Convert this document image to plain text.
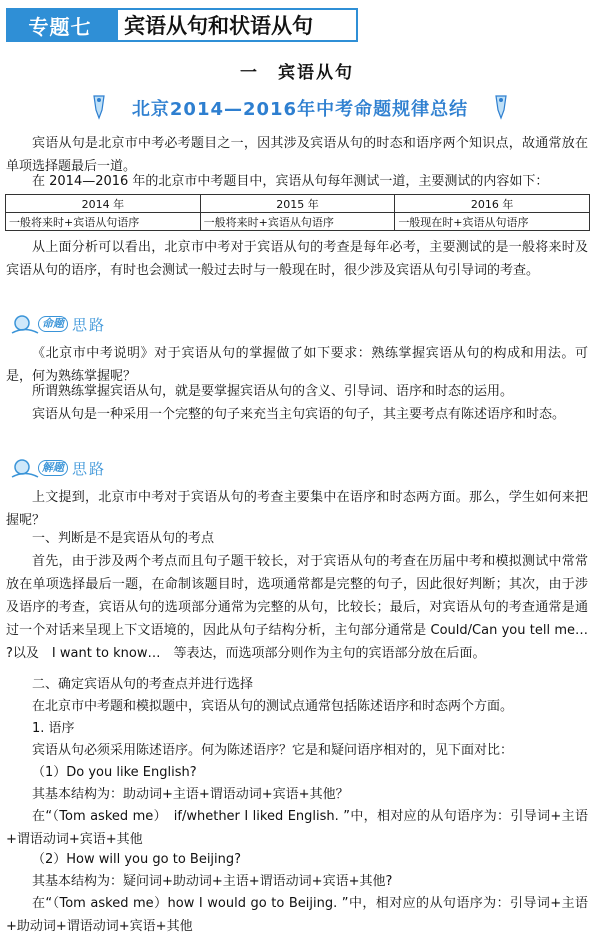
专题七	宾语从句和状语从句
一　宾语从句
北京2014—2016年中考命题规律总结

宾语从句是北京市中考必考题目之一，因其涉及宾语从句的时态和语序两个知识点，故通常放在单项选择题最后一道。

在 2014—2016 年的北京市中考题目中，宾语从句每年测试一道，主要测试的内容如下：

2014 年	2015 年	2016 年
一般将来时+宾语从句语序	一般将来时+宾语从句语序	一般现在时+宾语从句语序

从上面分析可以看出，北京市中考对于宾语从句的考查是每年必考，主要测试的是一般将来时及宾语从句的语序，有时也会测试一般过去时与一般现在时，很少涉及宾语从句引导词的考查。

命题 思路

《北京市中考说明》对于宾语从句的掌握做了如下要求：熟练掌握宾语从句的构成和用法。可是，何为熟练掌握呢？

所谓熟练掌握宾语从句，就是要掌握宾语从句的含义、引导词、语序和时态的运用。

宾语从句是一种采用一个完整的句子来充当主句宾语的句子，其主要考点有陈述语序和时态。

解题 思路

上文提到，北京市中考对于宾语从句的考查主要集中在语序和时态两方面。那么，学生如何来把握呢？

一、判断是不是宾语从句的考点

首先，由于涉及两个考点而且句子题干较长，对于宾语从句的考查在历届中考和模拟测试中常常放在单项选择最后一题，在命制该题目时，选项通常都是完整的句子，因此很好判断；其次，由于涉及语序的考查，宾语从句的选项部分通常为完整的从句，比较长；最后，对宾语从句的考查通常是通过一个对话来呈现上下文语境的，因此从句子结构分析，主句部分通常是 Could/Can you tell me… ?以及　I want to know…　等表达，而选项部分则作为主句的宾语部分放在后面。

二、确定宾语从句的考查点并进行选择

在北京市中考题和模拟题中，宾语从句的测试点通常包括陈述语序和时态两个方面。

1. 语序

宾语从句必须采用陈述语序。何为陈述语序？它是和疑问语序相对的，见下面对比：

（1）Do you like English?

其基本结构为：助动词+主语+谓语动词+宾语+其他？

在“（Tom asked me）　if/whether I liked English. ”中，相对应的从句语序为：引导词+主语+谓语动词+宾语+其他

（2）How will you go to Beijing?

其基本结构为：疑问词+助动词+主语+谓语动词+宾语+其他?

在“（Tom asked me）how I would go to Beijing. ”中，相对应的从句语序为：引导词+主语+助动词+谓语动词+宾语+其他
